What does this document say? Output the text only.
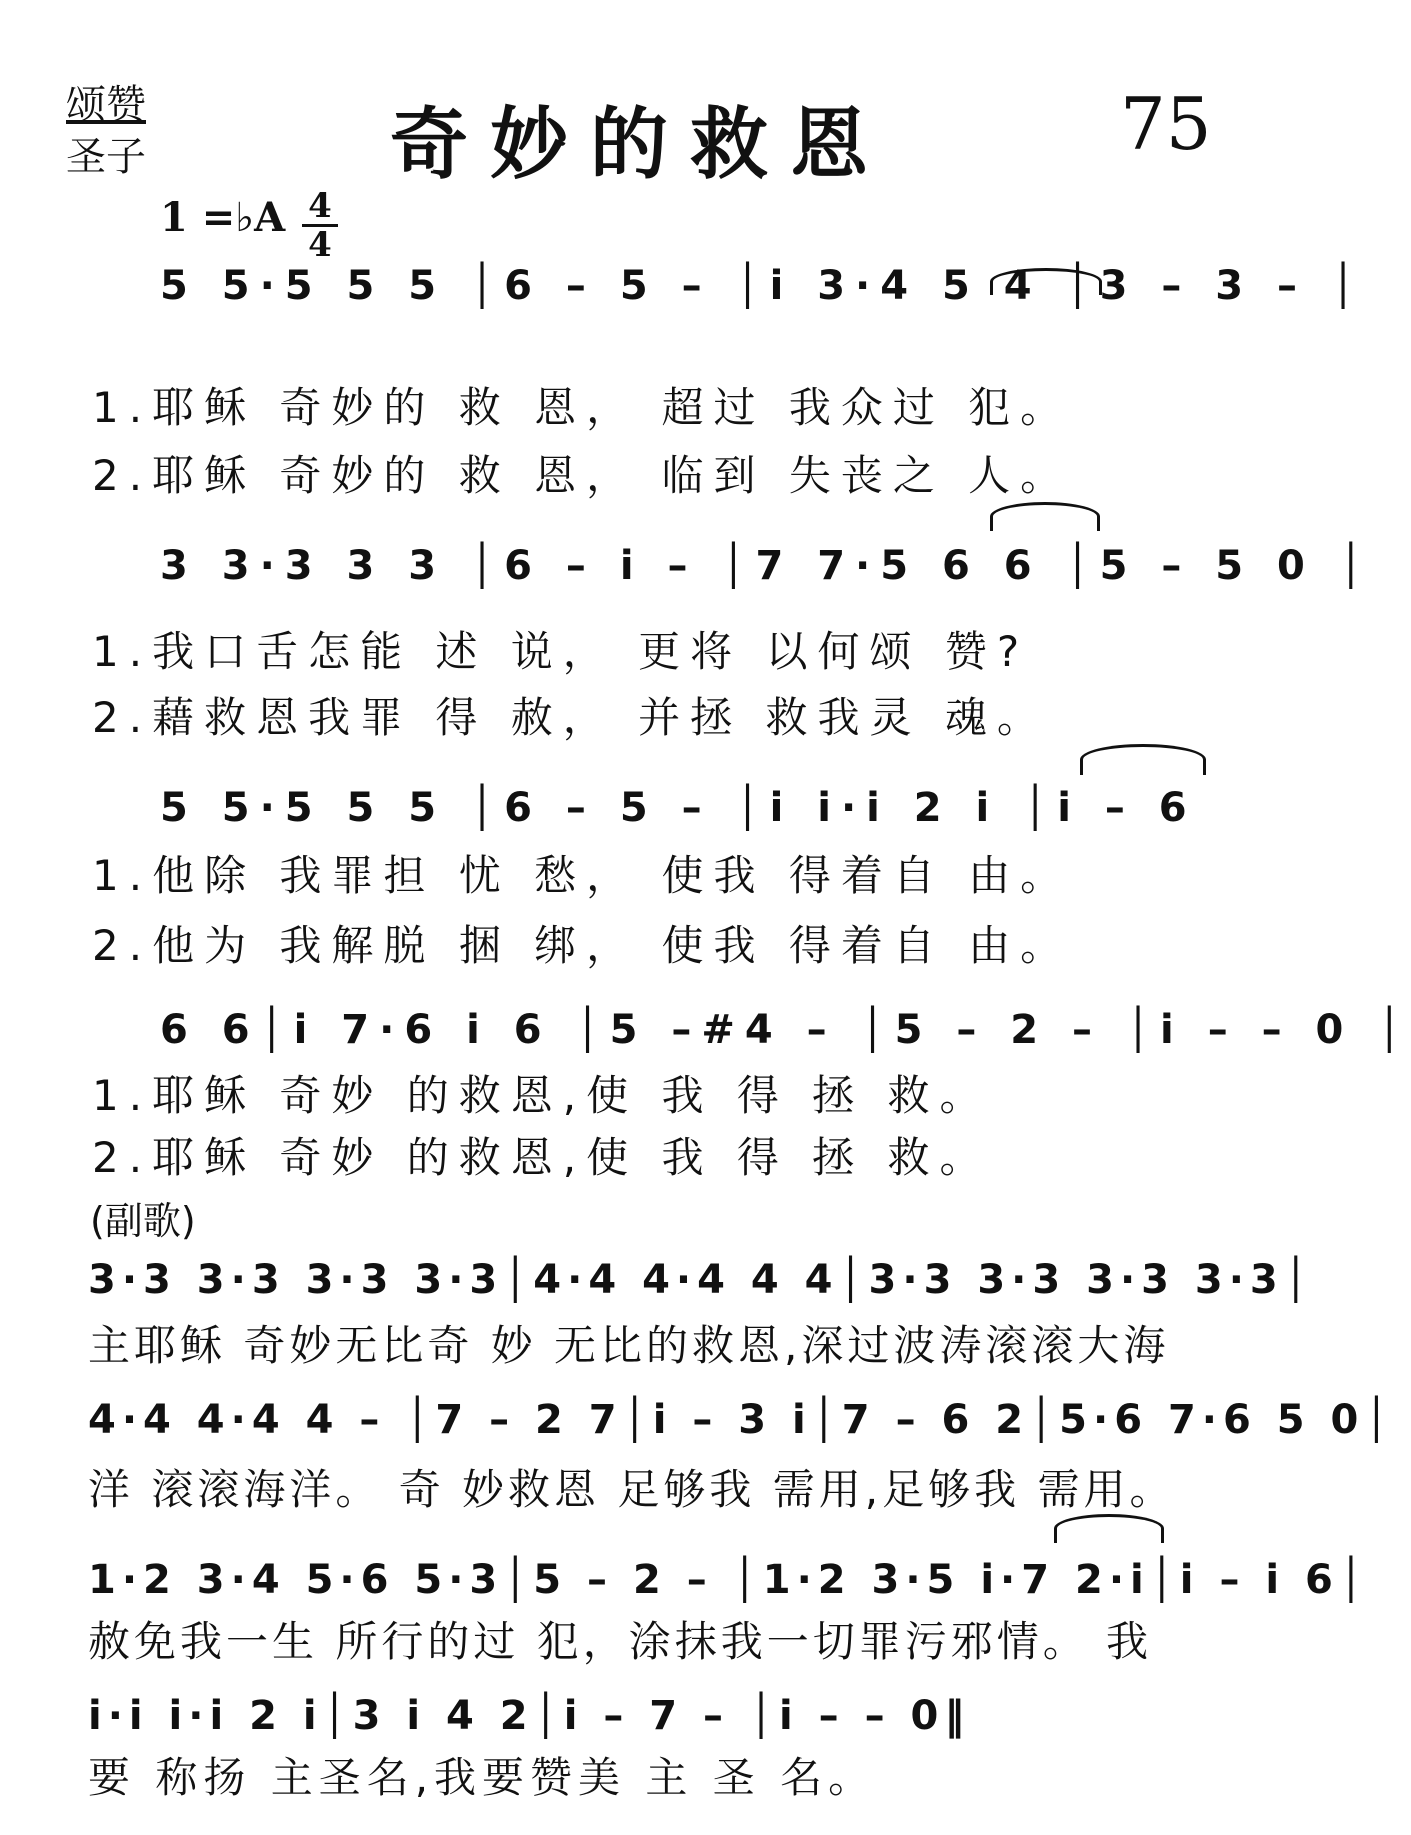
颂赞
圣子	奇妙的救恩	75
1 =♭A 4
4
5 5·5 5 5 │6 – 5 – │i 3·4 5 4 │3 – 3 – │
1.耶稣 奇妙的 救 恩， 超过 我众过 犯。
2.耶稣 奇妙的 救 恩， 临到 失丧之 人。
3 3·3 3 3 │6 – i – │7 7·5 6 6 │5 – 5 0 │
1.我口舌怎能 述 说， 更将 以何颂 赞?
2.藉救恩我罪 得 赦， 并拯 救我灵 魂。
5 5·5 5 5 │6 – 5 – │i i·i 2 i │i – 6
1.他除 我罪担 忧 愁， 使我 得着自 由。
2.他为 我解脱 捆 绑， 使我 得着自 由。
6 6│i 7·6 i 6 │5 –#4 – │5 – 2 – │i – – 0 │
1.耶稣 奇妙 的救恩,使 我 得 拯 救。
2.耶稣 奇妙 的救恩,使 我 得 拯 救。
(副歌)
3·3 3·3 3·3 3·3│4·4 4·4 4 4│3·3 3·3 3·3 3·3│
主耶稣 奇妙无比奇 妙 无比的救恩,深过波涛滚滚大海
4·4 4·4 4 – │7 – 2 7│i – 3 i│7 – 6 2│5·6 7·6 5 0│
洋 滚滚海洋。 奇 妙救恩 足够我 需用,足够我 需用。
1·2 3·4 5·6 5·3│5 – 2 – │1·2 3·5 i·7 2·i│i – i 6│
赦免我一生 所行的过 犯，涂抹我一切罪污邪情。 我
i·i i·i 2 i│3 i 4 2│i – 7 – │i – – 0‖
要 称扬 主圣名,我要赞美 主 圣 名。
